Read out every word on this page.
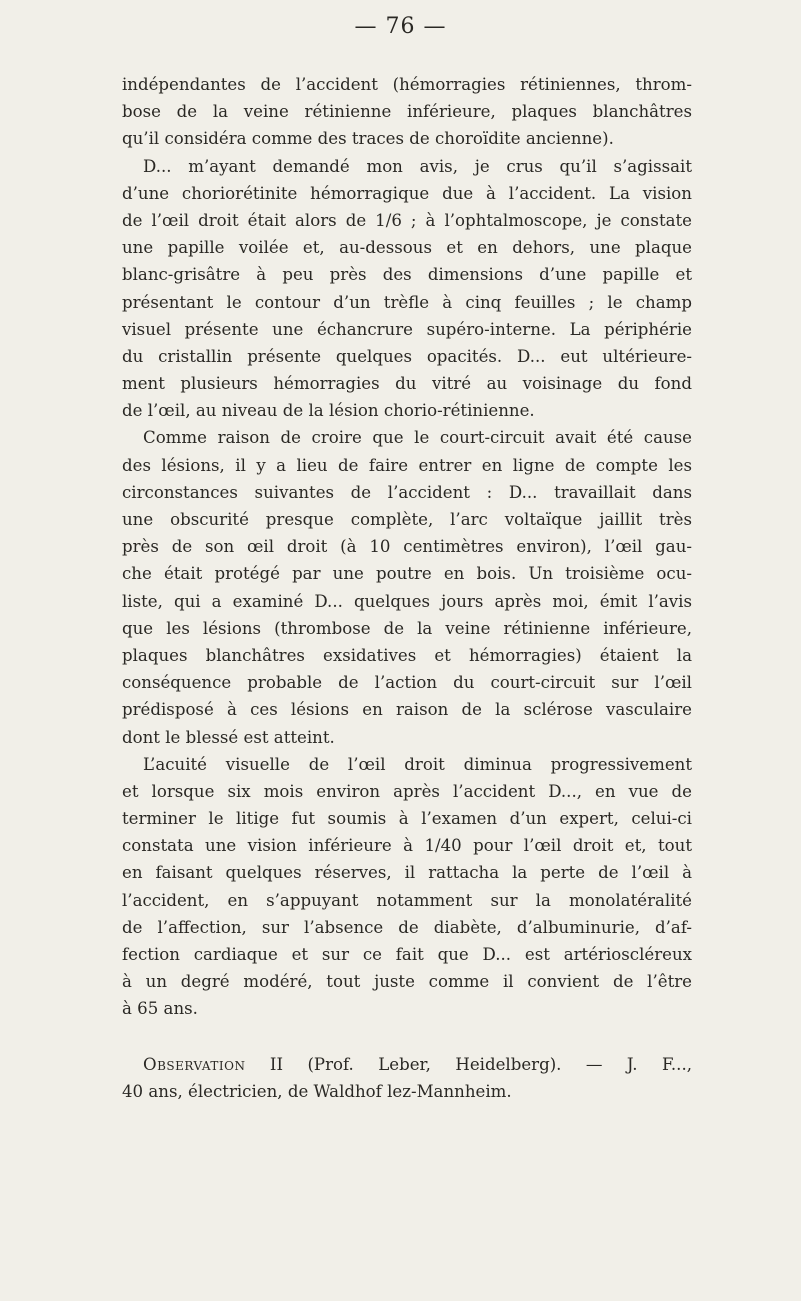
— 76 —
indépendantes de l’accident (hémorragies rétiniennes, throm-
bose de la veine rétinienne inférieure, plaques blanchâtres
qu’il considéra comme des traces de choroïdite ancienne).
D... m’ayant demandé mon avis, je crus qu’il s’agissait
d’une choriorétinite hémorragique due à l’accident. La vision
de l’œil droit était alors de 1/6 ; à l’ophtalmoscope, je constate
une papille voilée et, au-dessous et en dehors, une plaque
blanc-grisâtre à peu près des dimensions d’une papille et
présentant le contour d’un trèfle à cinq feuilles ; le champ
visuel présente une échancrure supéro-interne. La périphérie
du cristallin présente quelques opacités. D... eut ultérieure-
ment plusieurs hémorragies du vitré au voisinage du fond
de l’œil, au niveau de la lésion chorio-rétinienne.
Comme raison de croire que le court-circuit avait été cause
des lésions, il y a lieu de faire entrer en ligne de compte les
circonstances suivantes de l’accident : D... travaillait dans
une obscurité presque complète, l’arc voltaïque jaillit très
près de son œil droit (à 10 centimètres environ), l’œil gau-
che était protégé par une poutre en bois. Un troisième ocu-
liste, qui a examiné D... quelques jours après moi, émit l’avis
que les lésions (thrombose de la veine rétinienne inférieure,
plaques blanchâtres exsidatives et hémorragies) étaient la
conséquence probable de l’action du court-circuit sur l’œil
prédisposé à ces lésions en raison de la sclérose vasculaire
dont le blessé est atteint.
L’acuité visuelle de l’œil droit diminua progressivement
et lorsque six mois environ après l’accident D..., en vue de
terminer le litige fut soumis à l’examen d’un expert, celui-ci
constata une vision inférieure à 1/40 pour l’œil droit et, tout
en faisant quelques réserves, il rattacha la perte de l’œil à
l’accident, en s’appuyant notamment sur la monolatéralité
de l’affection, sur l’absence de diabète, d’albuminurie, d’af-
fection cardiaque et sur ce fait que D... est artérioscléreux
à un degré modéré, tout juste comme il convient de l’être
à 65 ans.
Observation II (Prof. Leber, Heidelberg). — J. F...,
40 ans, électricien, de Waldhof lez-Mannheim.
